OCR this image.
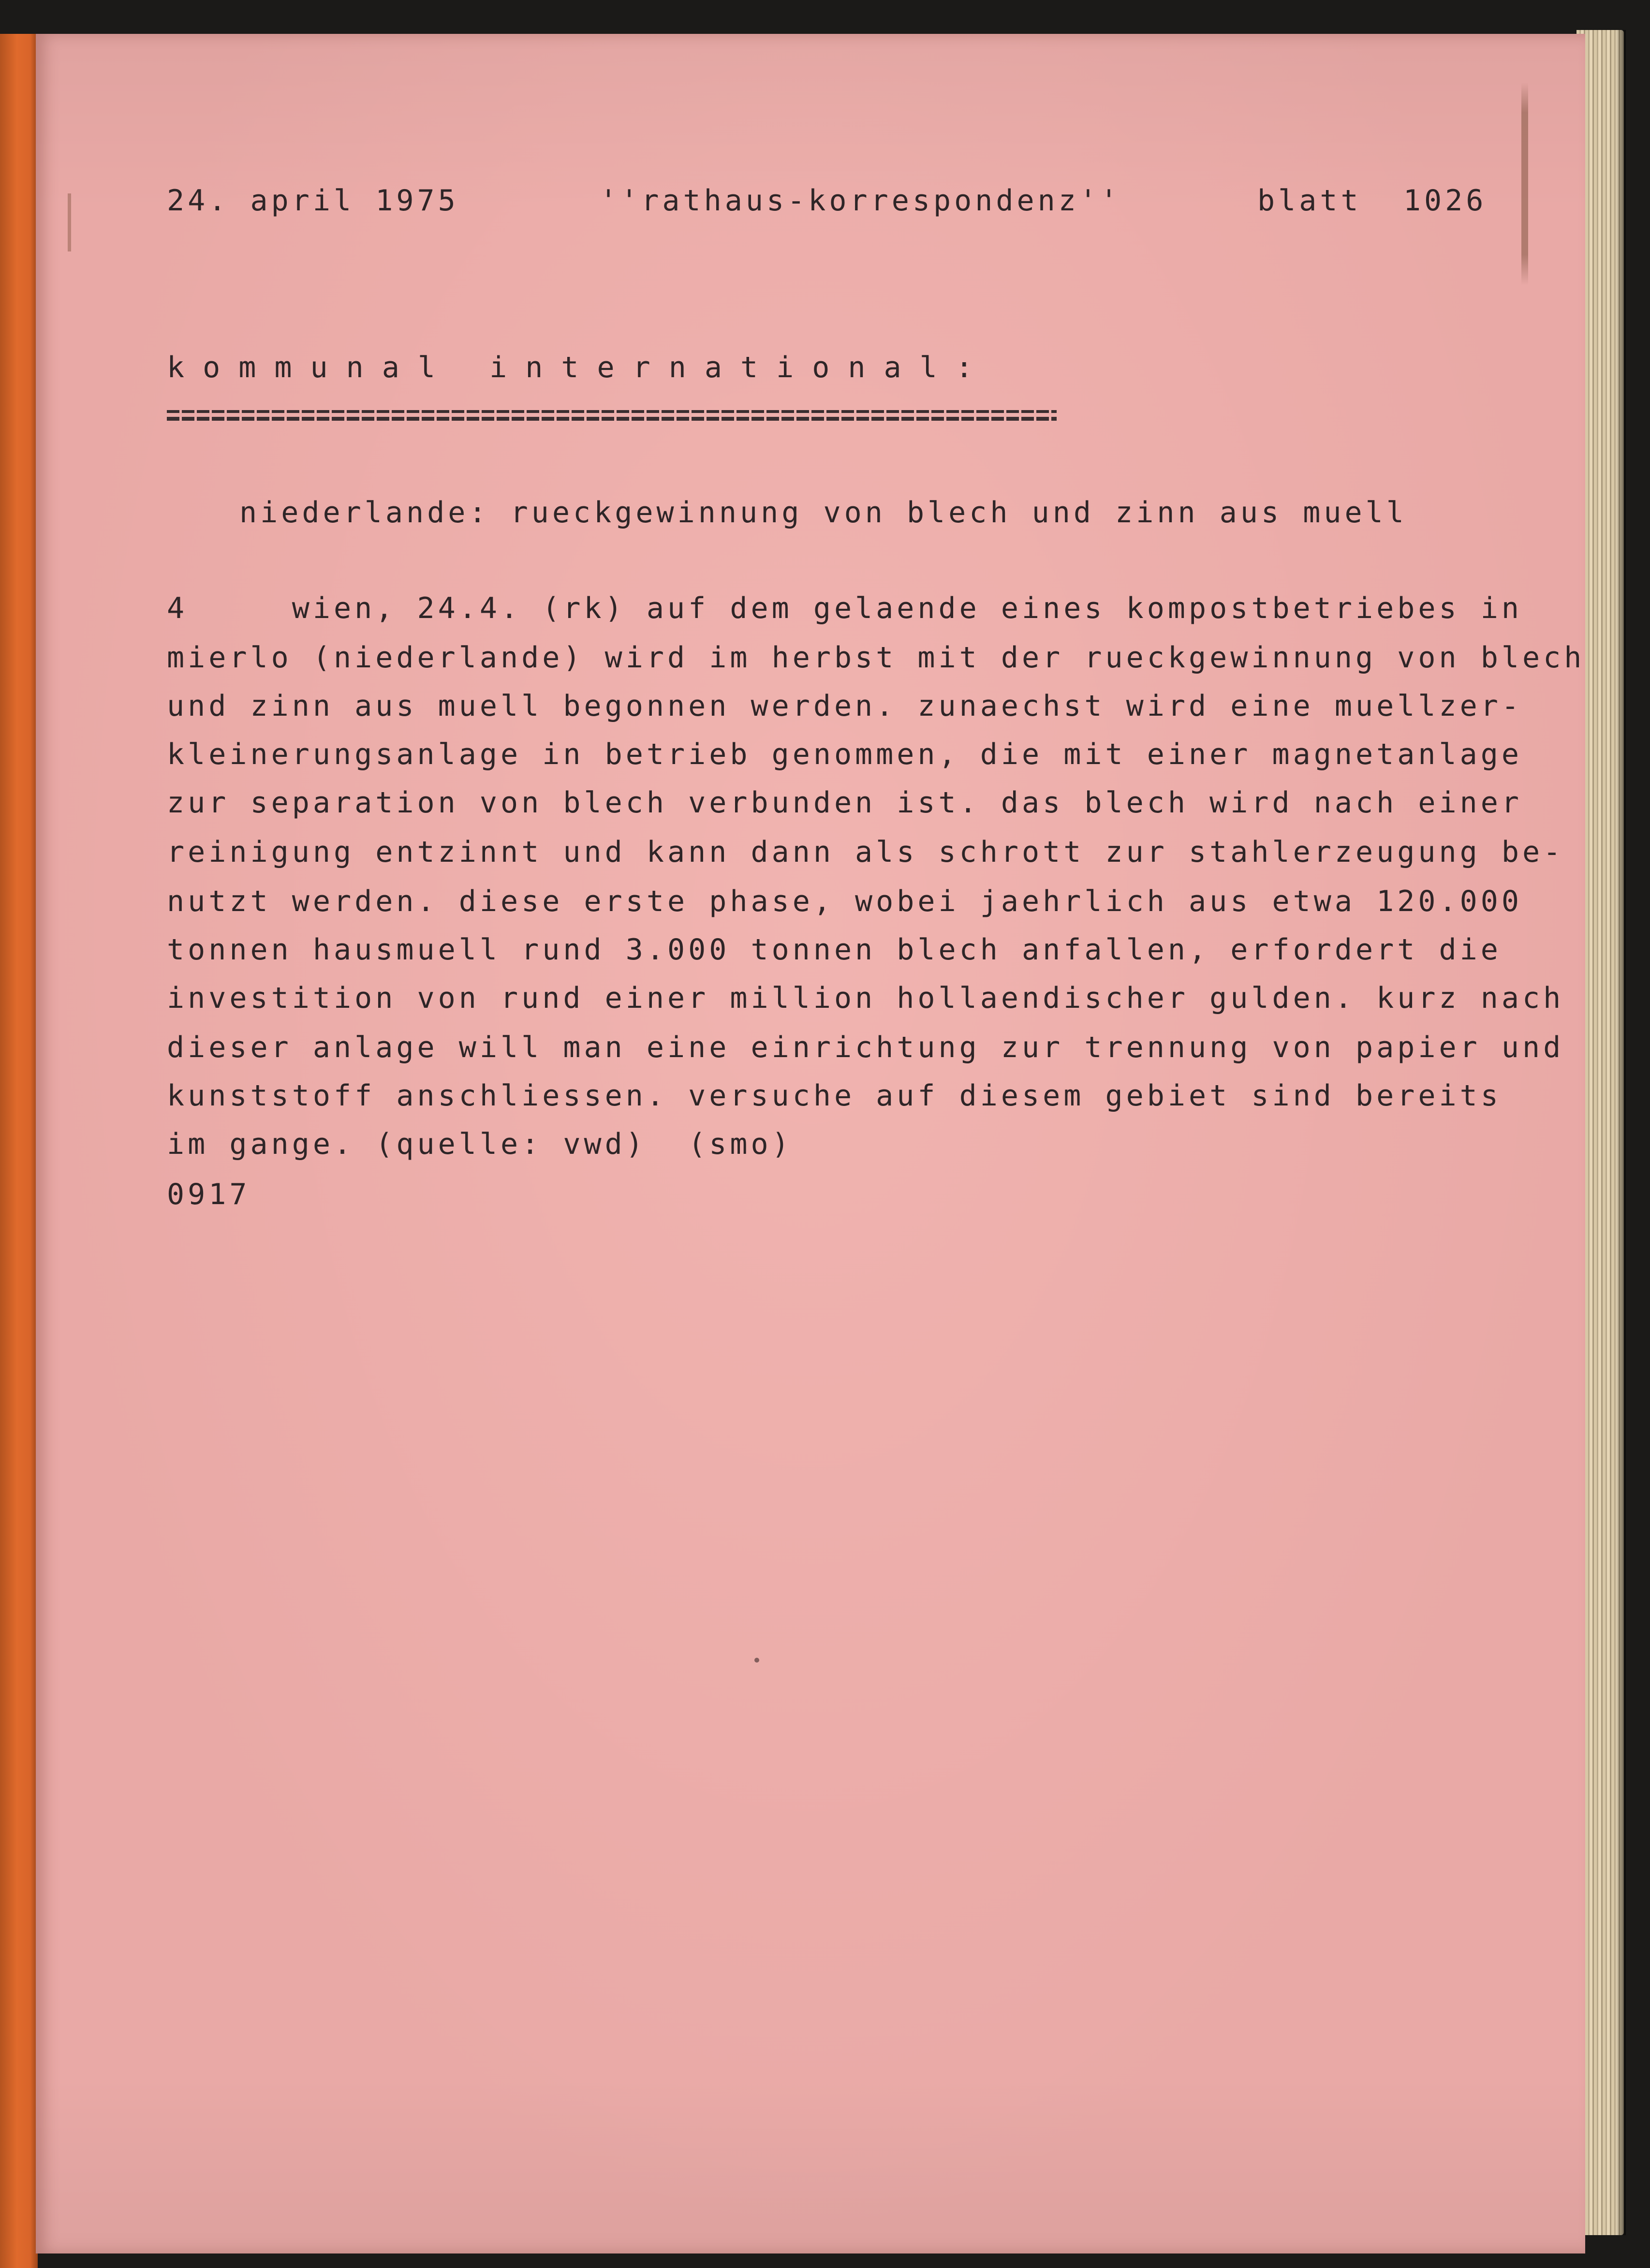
24. april 1975	''rathaus-korrespondenz''	blatt  1026
kommunal international:
niederlande: rueckgewinnung von blech und zinn aus muell
4     wien, 24.4. (rk) auf dem gelaende eines kompostbetriebes in
mierlo (niederlande) wird im herbst mit der rueckgewinnung von blech
und zinn aus muell begonnen werden. zunaechst wird eine muellzer-
kleinerungsanlage in betrieb genommen, die mit einer magnetanlage
zur separation von blech verbunden ist. das blech wird nach einer
reinigung entzinnt und kann dann als schrott zur stahlerzeugung be-
nutzt werden. diese erste phase, wobei jaehrlich aus etwa 120.000
tonnen hausmuell rund 3.000 tonnen blech anfallen, erfordert die
investition von rund einer million hollaendischer gulden. kurz nach
dieser anlage will man eine einrichtung zur trennung von papier und
kunststoff anschliessen. versuche auf diesem gebiet sind bereits
im gange. (quelle: vwd)  (smo)
0917
